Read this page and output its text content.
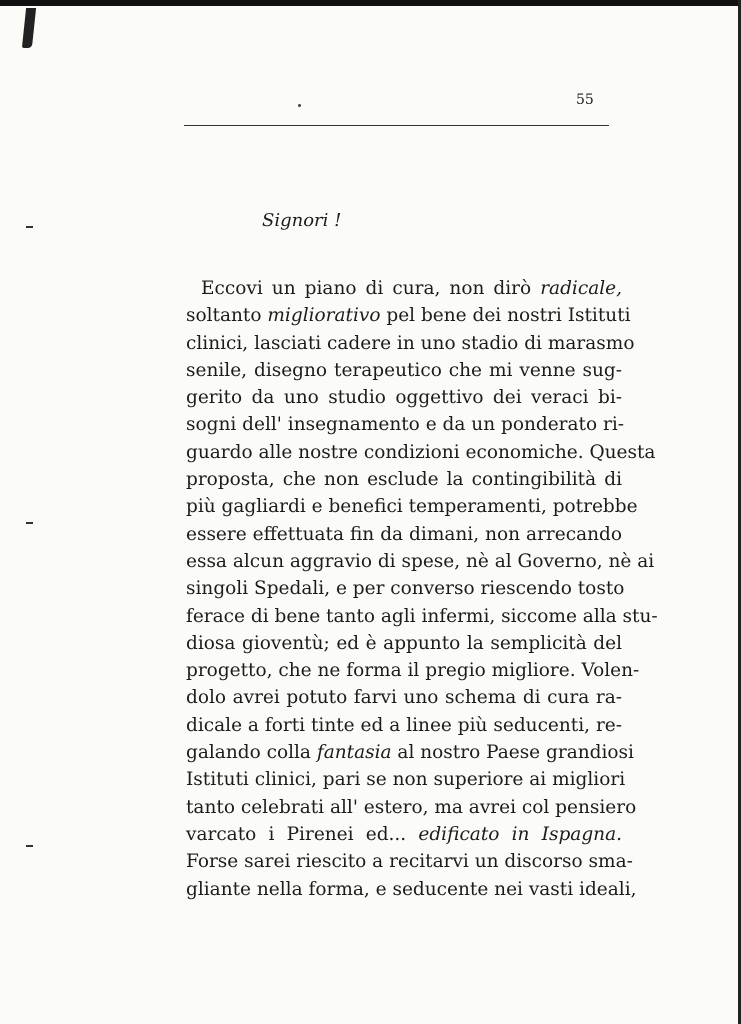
55
Signori !
Eccovi un piano di cura, non dirò radicale,
soltanto migliorativo pel bene dei nostri Istituti
clinici, lasciati cadere in uno stadio di marasmo
senile, disegno terapeutico che mi venne sug-
gerito da uno studio oggettivo dei veraci bi-
sogni dell' insegnamento e da un ponderato ri-
guardo alle nostre condizioni economiche. Questa
proposta, che non esclude la contingibilità di
più gagliardi e benefici temperamenti, potrebbe
essere effettuata fin da dimani, non arrecando
essa alcun aggravio di spese, nè al Governo, nè ai
singoli Spedali, e per converso riescendo tosto
ferace di bene tanto agli infermi, siccome alla stu-
diosa gioventù; ed è appunto la semplicità del
progetto, che ne forma il pregio migliore. Volen-
dolo avrei potuto farvi uno schema di cura ra-
dicale a forti tinte ed a linee più seducenti, re-
galando colla fantasia al nostro Paese grandiosi
Istituti clinici, pari se non superiore ai migliori
tanto celebrati all' estero, ma avrei col pensiero
varcato i Pirenei ed... edificato in Ispagna.
Forse sarei riescito a recitarvi un discorso sma-
gliante nella forma, e seducente nei vasti ideali,
